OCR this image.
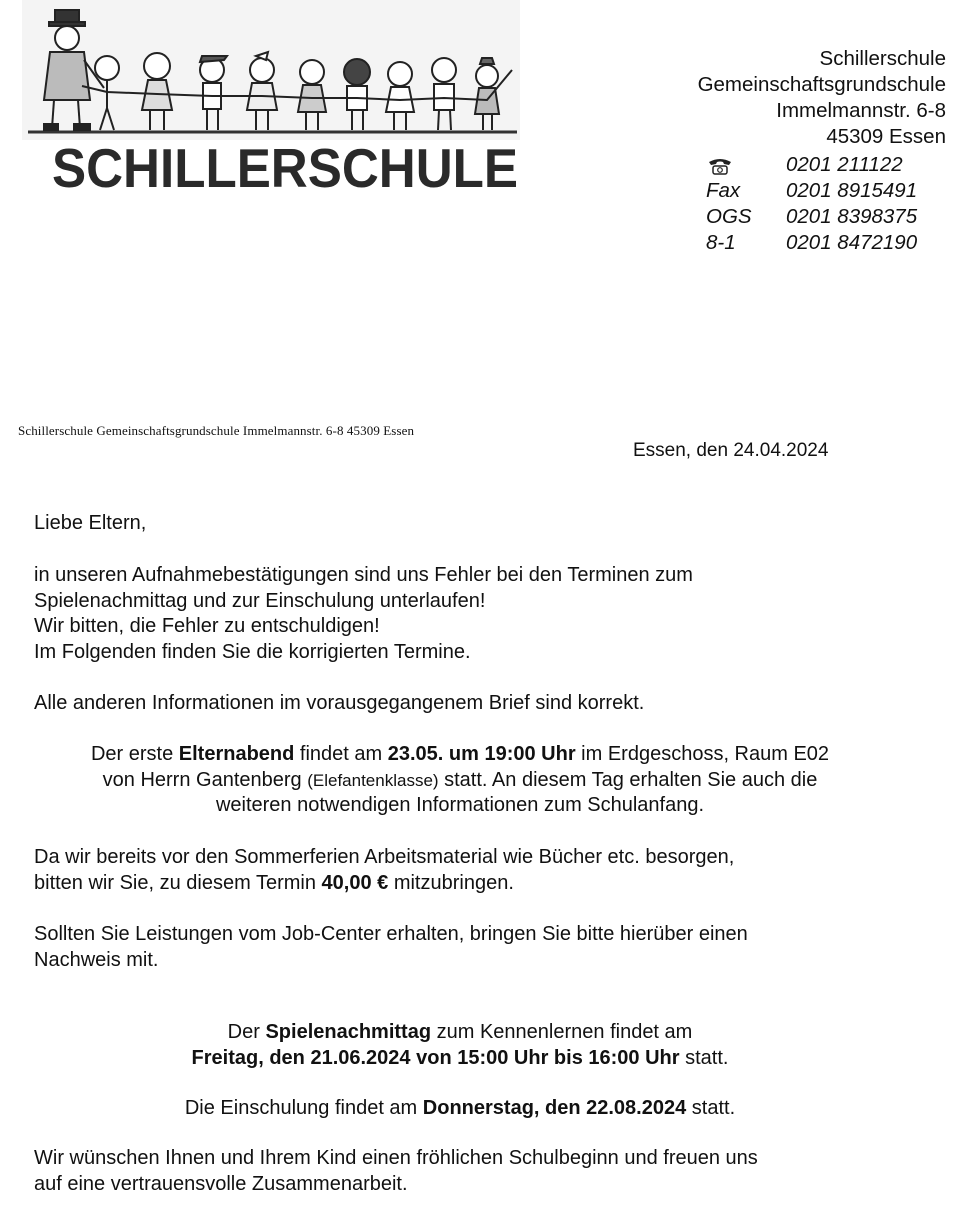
SCHILLERSCHULE
Schillerschule
Gemeinschaftsgrundschule
Immelmannstr. 6-8
45309 Essen
0201 211122
Fax	0201 8915491
OGS	0201 8398375
8-1	0201 8472190
Schillerschule Gemeinschaftsgrundschule Immelmannstr. 6-8 45309 Essen
Essen, den 24.04.2024
Liebe Eltern,
in unseren Aufnahmebestätigungen sind uns Fehler bei den Terminen zum
Spielenachmittag und zur Einschulung unterlaufen!
Wir bitten, die Fehler zu entschuldigen!
Im Folgenden finden Sie die korrigierten Termine.
Alle anderen Informationen im vorausgegangenem Brief sind korrekt.
Der erste Elternabend findet am 23.05. um 19:00 Uhr im Erdgeschoss, Raum E02
von Herrn Gantenberg (Elefantenklasse) statt. An diesem Tag erhalten Sie auch die
weiteren notwendigen Informationen zum Schulanfang.
Da wir bereits vor den Sommerferien Arbeitsmaterial wie Bücher etc. besorgen,
bitten wir Sie, zu diesem Termin 40,00 € mitzubringen.
Sollten Sie Leistungen vom Job-Center erhalten, bringen Sie bitte hierüber einen
Nachweis mit.
Der Spielenachmittag zum Kennenlernen findet am
Freitag, den 21.06.2024 von 15:00 Uhr bis 16:00 Uhr statt.
Die Einschulung findet am Donnerstag, den 22.08.2024 statt.
Wir wünschen Ihnen und Ihrem Kind einen fröhlichen Schulbeginn und freuen uns
auf eine vertrauensvolle Zusammenarbeit.
